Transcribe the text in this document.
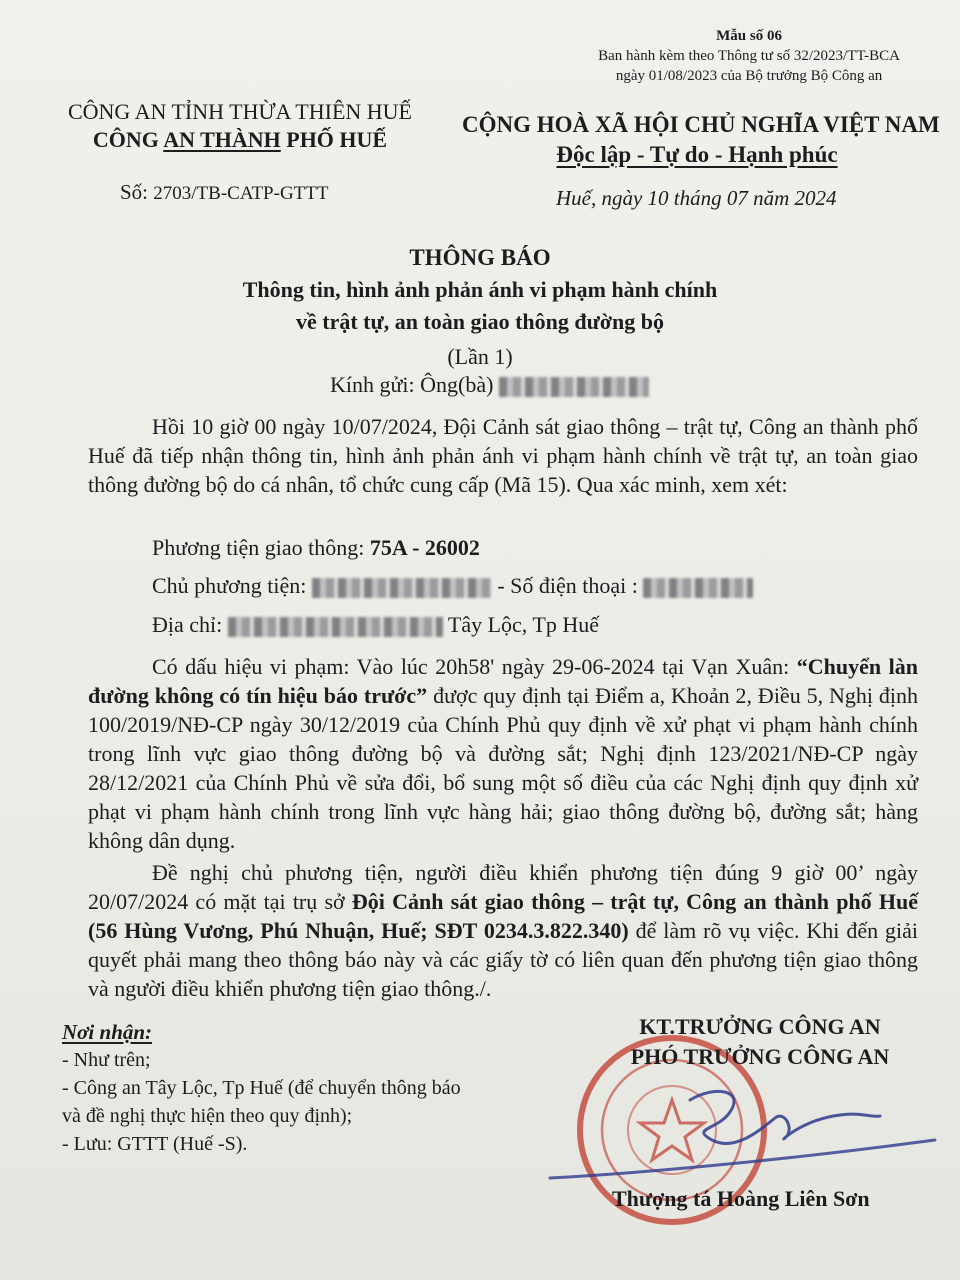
Mẫu số 06
Ban hành kèm theo Thông tư số 32/2023/TT-BCA
ngày 01/08/2023 của Bộ trưởng Bộ Công an
CÔNG AN TỈNH THỪA THIÊN HUẾ
CÔNG AN THÀNH PHỐ HUẾ
CỘNG HOÀ XÃ HỘI CHỦ NGHĨA VIỆT NAM
Độc lập - Tự do - Hạnh phúc
Số: 2703/TB-CATP-GTTT	Huế, ngày 10 tháng 07 năm 2024
THÔNG BÁO
Thông tin, hình ảnh phản ánh vi phạm hành chính
về trật tự, an toàn giao thông đường bộ
(Lần 1)
Kính gửi: Ông(bà)
Hồi 10 giờ 00 ngày 10/07/2024, Đội Cảnh sát giao thông – trật tự, Công an thành phố Huế đã tiếp nhận thông tin, hình ảnh phản ánh vi phạm hành chính về trật tự, an toàn giao thông đường bộ do cá nhân, tổ chức cung cấp (Mã 15). Qua xác minh, xem xét:
Phương tiện giao thông: 75A - 26002
Chủ phương tiện:	- Số điện thoại :
Địa chỉ:	Tây Lộc, Tp Huế
Có dấu hiệu vi phạm: Vào lúc 20h58' ngày 29-06-2024 tại Vạn Xuân: “Chuyển làn đường không có tín hiệu báo trước” được quy định tại Điểm a, Khoản 2, Điều 5, Nghị định 100/2019/NĐ-CP ngày 30/12/2019 của Chính Phủ quy định về xử phạt vi phạm hành chính trong lĩnh vực giao thông đường bộ và đường sắt; Nghị định 123/2021/NĐ-CP ngày 28/12/2021 của Chính Phủ về sửa đổi, bổ sung một số điều của các Nghị định quy định xử phạt vi phạm hành chính trong lĩnh vực hàng hải; giao thông đường bộ, đường sắt; hàng không dân dụng.
Đề nghị chủ phương tiện, người điều khiển phương tiện đúng 9 giờ 00’ ngày 20/07/2024 có mặt tại trụ sở Đội Cảnh sát giao thông – trật tự, Công an thành phố Huế (56 Hùng Vương, Phú Nhuận, Huế; SĐT 0234.3.822.340) để làm rõ vụ việc. Khi đến giải quyết phải mang theo thông báo này và các giấy tờ có liên quan đến phương tiện giao thông và người điều khiển phương tiện giao thông./.
Nơi nhận:
- Như trên;
- Công an Tây Lộc, Tp Huế (để chuyển thông báo
và đề nghị thực hiện theo quy định);
- Lưu: GTTT (Huế -S).
KT.TRƯỞNG CÔNG AN
PHÓ TRƯỞNG CÔNG AN
Thượng tá Hoàng Liên Sơn
